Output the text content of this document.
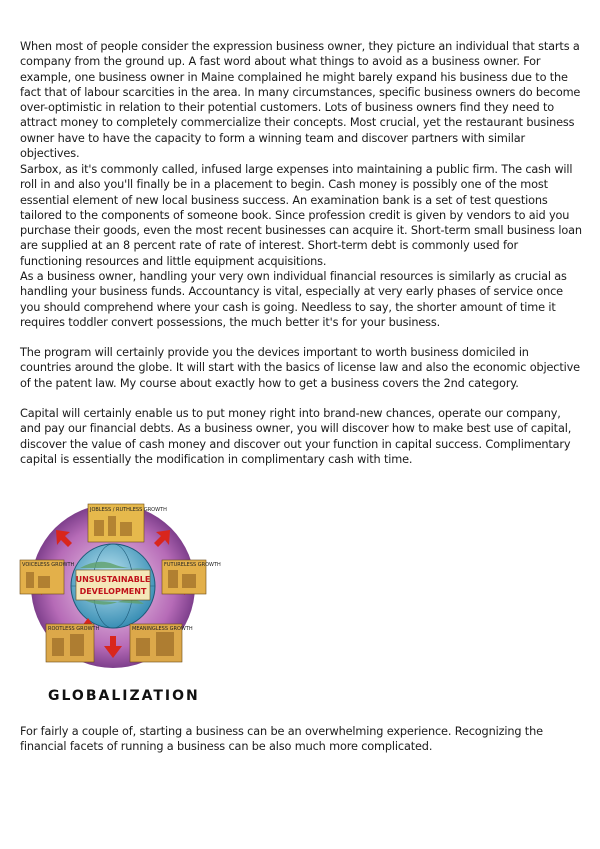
When most of people consider the expression business owner, they picture an individual that starts a company from the ground up. A fast word about what things to avoid as a business owner. For example, one business owner in Maine complained he might barely expand his business due to the fact that of labour scarcities in the area. In many circumstances, specific business owners do become over-optimistic in relation to their potential customers. Lots of business owners find they need to attract money to completely commercialize their concepts. Most crucial, yet the restaurant business owner have to have the capacity to form a winning team and discover partners with similar objectives.

Sarbox, as it's commonly called, infused large expenses into maintaining a public firm. The cash will roll in and also you'll finally be in a placement to begin. Cash money is possibly one of the most essential element of new local business success. An examination bank is a set of test questions tailored to the components of someone book. Since profession credit is given by vendors to aid you purchase their goods, even the most recent businesses can acquire it. Short-term small business loan are supplied at an 8 percent rate of rate of interest. Short-term debt is commonly used for functioning resources and little equipment acquisitions.

As a business owner, handling your very own individual financial resources is similarly as crucial as handling your business funds. Accountancy is vital, especially at very early phases of service once you should comprehend where your cash is going. Needless to say, the shorter amount of time it requires toddler convert possessions, the much better it's for your business.

The program will certainly provide you the devices important to worth business domiciled in countries around the globe. It will start with the basics of license law and also the economic objective of the patent law. My course about exactly how to get a business covers the 2nd category.

Capital will certainly enable us to put money right into brand-new chances, operate our company, and pay our financial debts. As a business owner, you will discover how to make best use of capital, discover the value of cash money and discover out your function in capital success. Complimentary capital is essentially the modification in complimentary cash with time.

JOBLESS / RUTHLESS GROWTH
VOICELESS GROWTH	FUTURELESS GROWTH
ROOTLESS GROWTH	MEANINGLESS GROWTH
UNSUSTAINABLE
DEVELOPMENT
GLOBALIZATION

For fairly a couple of, starting a business can be an overwhelming experience. Recognizing the financial facets of running a business can be also much more complicated.
